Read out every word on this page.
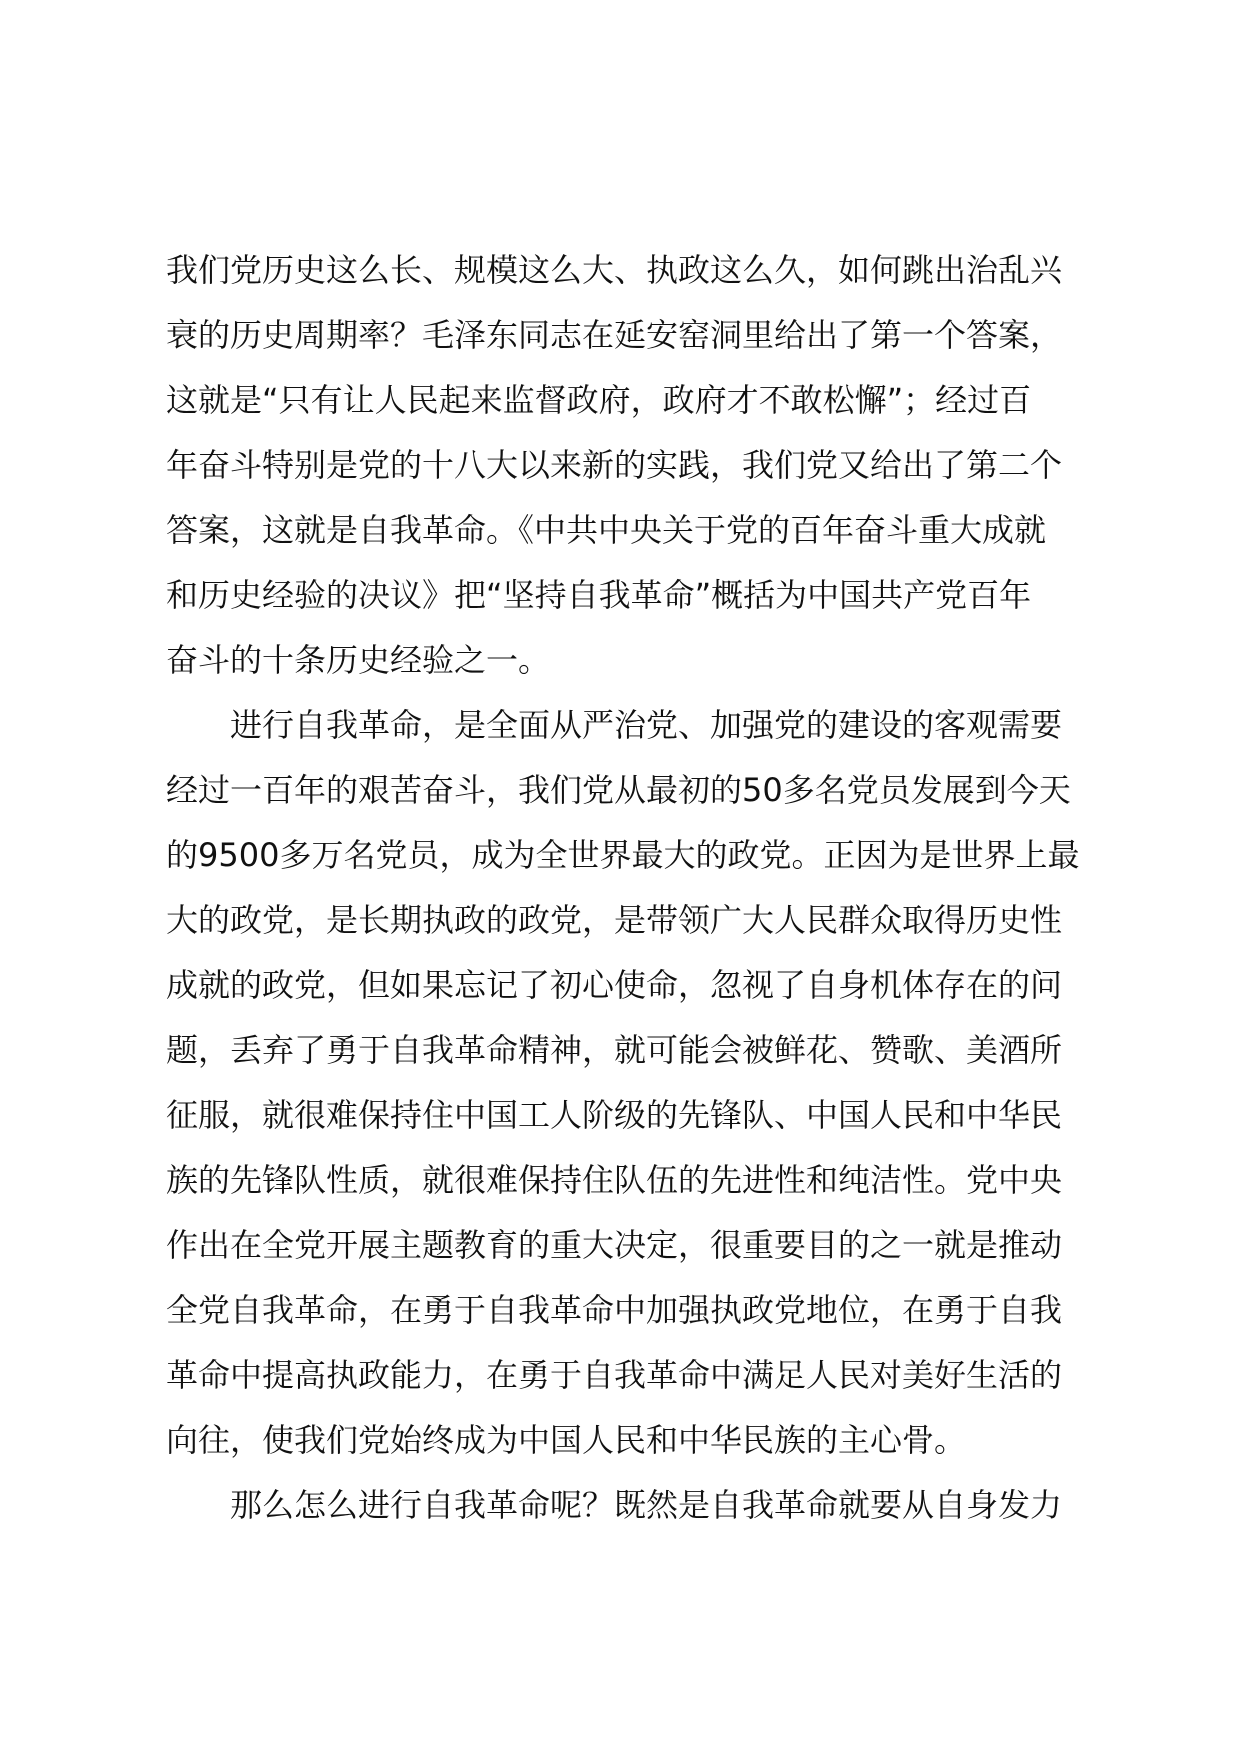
我们党历史这么长、规模这么大、执政这么久，如何跳出治乱兴
衰的历史周期率？毛泽东同志在延安窑洞里给出了第一个答案，
这就是“只有让人民起来监督政府，政府才不敢松懈”；经过百
年奋斗特别是党的十八大以来新的实践，我们党又给出了第二个
答案，这就是自我革命。《中共中央关于党的百年奋斗重大成就
和历史经验的决议》把“坚持自我革命”概括为中国共产党百年
奋斗的十条历史经验之一。
进行自我革命，是全面从严治党、加强党的建设的客观需要
经过一百年的艰苦奋斗，我们党从最初的50多名党员发展到今天
的9500多万名党员，成为全世界最大的政党。正因为是世界上最
大的政党，是长期执政的政党，是带领广大人民群众取得历史性
成就的政党，但如果忘记了初心使命，忽视了自身机体存在的问
题，丢弃了勇于自我革命精神，就可能会被鲜花、赞歌、美酒所
征服，就很难保持住中国工人阶级的先锋队、中国人民和中华民
族的先锋队性质，就很难保持住队伍的先进性和纯洁性。党中央
作出在全党开展主题教育的重大决定，很重要目的之一就是推动
全党自我革命，在勇于自我革命中加强执政党地位，在勇于自我
革命中提高执政能力，在勇于自我革命中满足人民对美好生活的
向往，使我们党始终成为中国人民和中华民族的主心骨。
那么怎么进行自我革命呢？既然是自我革命就要从自身发力
